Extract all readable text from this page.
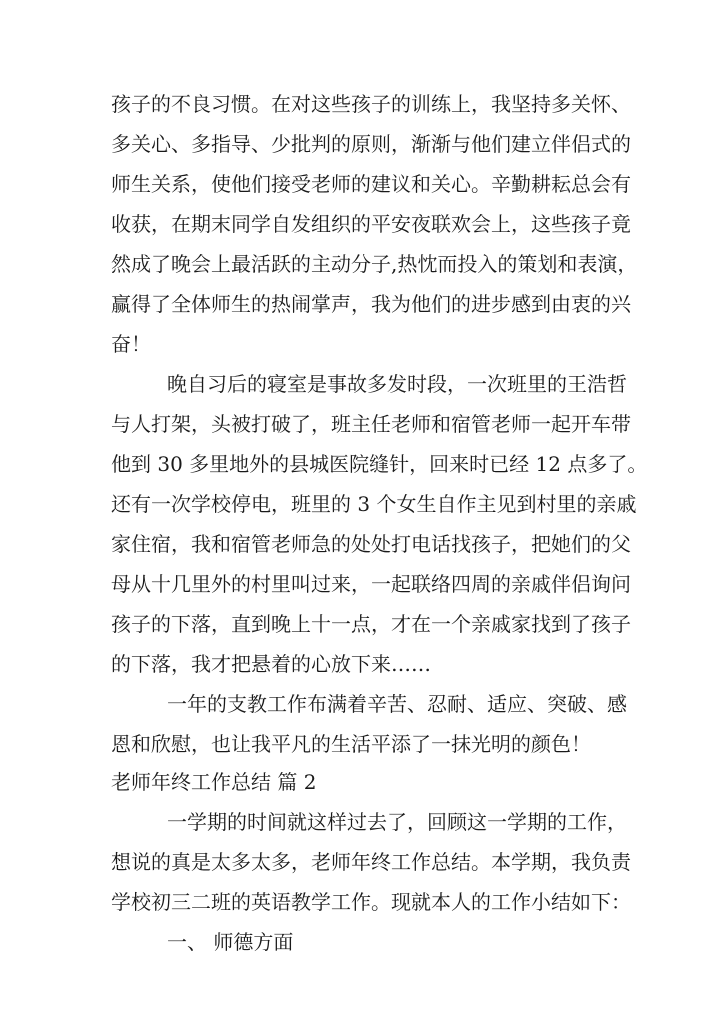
孩子的不良习惯。在对这些孩子的训练上，我坚持多关怀、
多关心、多指导、少批判的原则，渐渐与他们建立伴侣式的
师生关系，使他们接受老师的建议和关心。辛勤耕耘总会有
收获，在期末同学自发组织的平安夜联欢会上，这些孩子竟
然成了晚会上最活跃的主动分子,热忱而投入的策划和表演，
赢得了全体师生的热闹掌声，我为他们的进步感到由衷的兴
奋！
晚自习后的寝室是事故多发时段，一次班里的王浩哲
与人打架，头被打破了，班主任老师和宿管老师一起开车带
他到 30 多里地外的县城医院缝针，回来时已经 12 点多了。
还有一次学校停电，班里的 3 个女生自作主见到村里的亲戚
家住宿，我和宿管老师急的处处打电话找孩子，把她们的父
母从十几里外的村里叫过来，一起联络四周的亲戚伴侣询问
孩子的下落，直到晚上十一点，才在一个亲戚家找到了孩子
的下落，我才把悬着的心放下来……
一年的支教工作布满着辛苦、忍耐、适应、突破、感
恩和欣慰，也让我平凡的生活平添了一抹光明的颜色！
老师年终工作总结 篇 2
一学期的时间就这样过去了，回顾这一学期的工作，
想说的真是太多太多，老师年终工作总结。本学期，我负责
学校初三二班的英语教学工作。现就本人的工作小结如下：
一、 师德方面
